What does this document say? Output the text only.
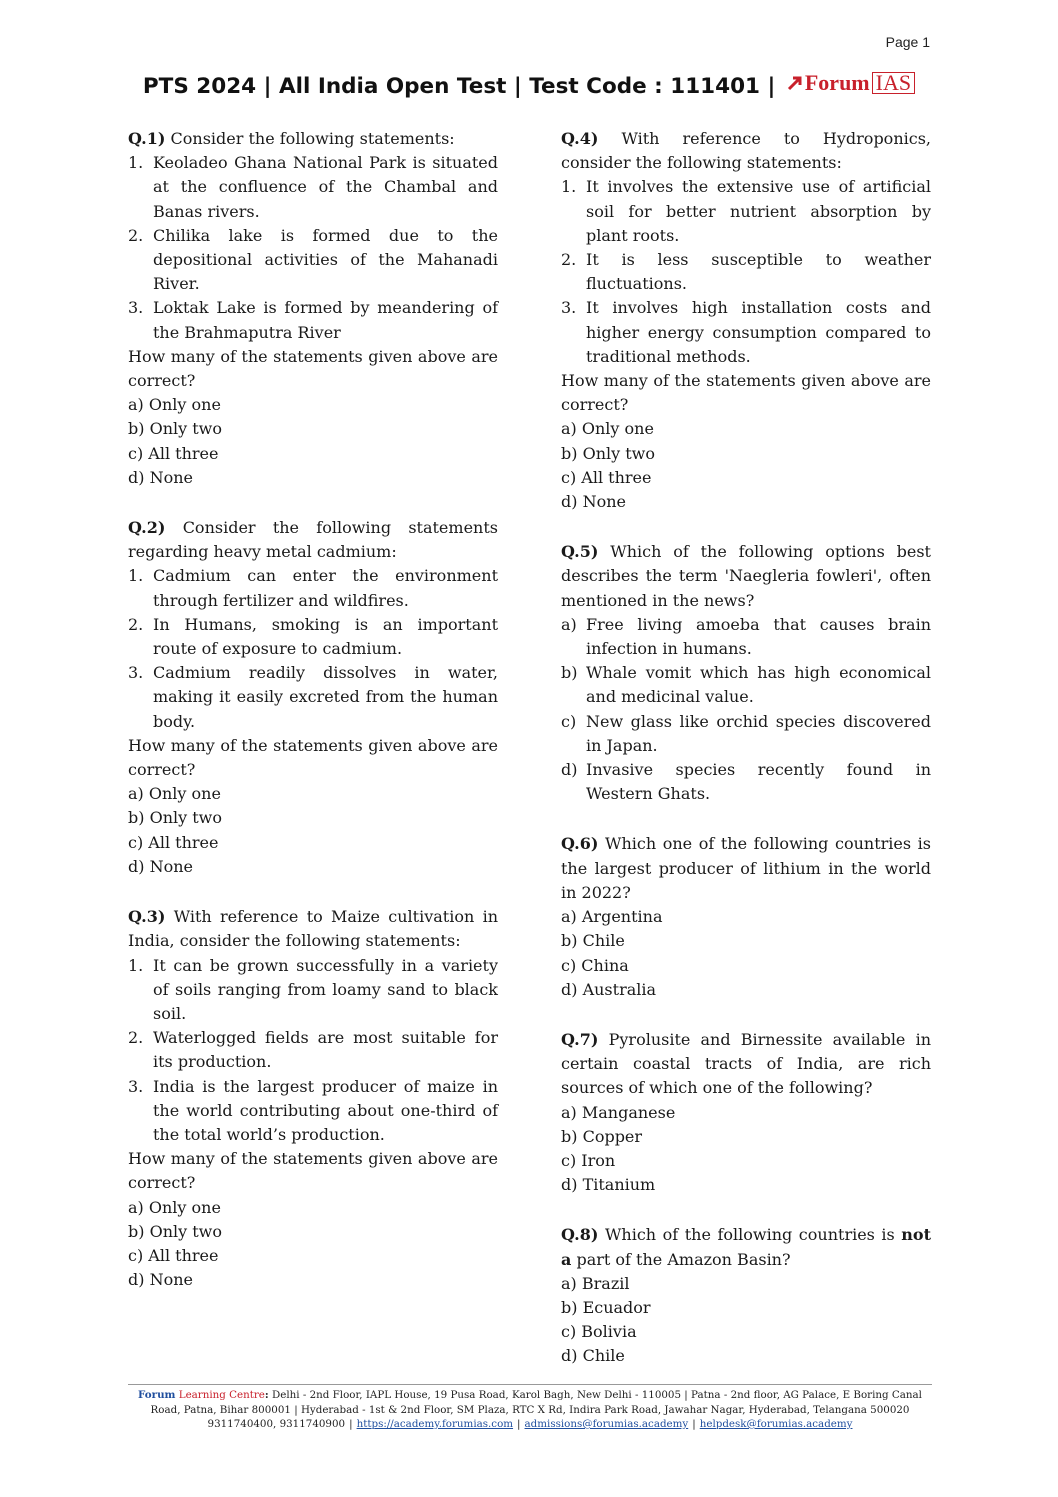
Page 1
PTS 2024 | All India Open Test | Test Code : 111401 | Forum IAS

Q.1) Consider the following statements:

1. Keoladeo Ghana National Park is situated at the confluence of the Chambal and Banas rivers.
2. Chilika lake is formed due to the depositional activities of the Mahanadi River.
3. Loktak Lake is formed by meandering of the Brahmaputra River

How many of the statements given above are correct?

a) Only one
b) Only two
c) All three
d) None

Q.2) Consider the following statements regarding heavy metal cadmium:

1. Cadmium can enter the environment through fertilizer and wildfires.
2. In Humans, smoking is an important route of exposure to cadmium.
3. Cadmium readily dissolves in water, making it easily excreted from the human body.

How many of the statements given above are correct?

a) Only one
b) Only two
c) All three
d) None

Q.3) With reference to Maize cultivation in India, consider the following statements:

1. It can be grown successfully in a variety of soils ranging from loamy sand to black soil.
2. Waterlogged fields are most suitable for its production.
3. India is the largest producer of maize in the world contributing about one-third of the total world’s production.

How many of the statements given above are correct?

a) Only one
b) Only two
c) All three
d) None

Q.4) With reference to Hydroponics, consider the following statements:

1. It involves the extensive use of artificial soil for better nutrient absorption by plant roots.
2. It is less susceptible to weather fluctuations.
3. It involves high installation costs and higher energy consumption compared to traditional methods.

How many of the statements given above are correct?

a) Only one
b) Only two
c) All three
d) None

Q.5) Which of the following options best describes the term 'Naegleria fowleri', often mentioned in the news?

a) Free living amoeba that causes brain infection in humans.
b) Whale vomit which has high economical and medicinal value.
c) New glass like orchid species discovered in Japan.
d) Invasive species recently found in Western Ghats.

Q.6) Which one of the following countries is the largest producer of lithium in the world in 2022?

a) Argentina
b) Chile
c) China
d) Australia

Q.7) Pyrolusite and Birnessite available in certain coastal tracts of India, are rich sources of which one of the following?

a) Manganese
b) Copper
c) Iron
d) Titanium

Q.8) Which of the following countries is not a part of the Amazon Basin?

a) Brazil
b) Ecuador
c) Bolivia
d) Chile
Forum Learning Centre: Delhi - 2nd Floor, IAPL House, 19 Pusa Road, Karol Bagh, New Delhi - 110005 | Patna - 2nd floor, AG Palace, E Boring Canal
Road, Patna, Bihar 800001 | Hyderabad - 1st & 2nd Floor, SM Plaza, RTC X Rd, Indira Park Road, Jawahar Nagar, Hyderabad, Telangana 500020
9311740400, 9311740900 | https://academy.forumias.com | admissions@forumias.academy | helpdesk@forumias.academy
